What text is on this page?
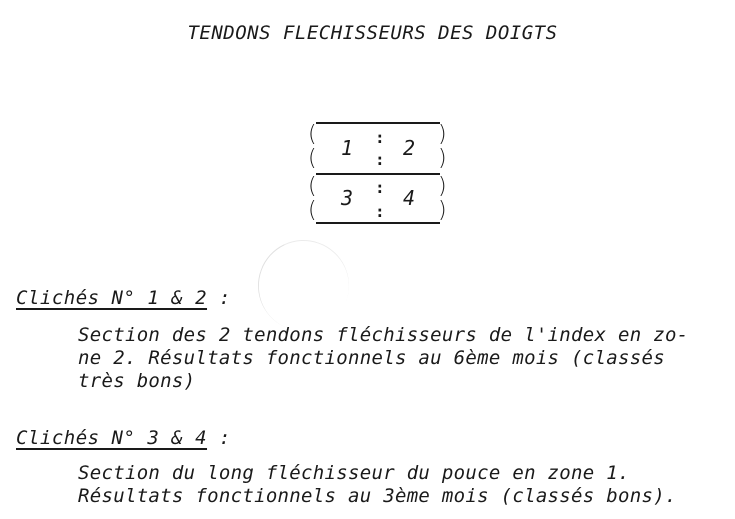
TENDONS FLECHISSEURS DES DOIGTS
(
(
(
(
)
)
)
)
1	:
: 2
3	:
:
4
Clichés N° 1 & 2 :
Section des 2 tendons fléchisseurs de l'index en zo-
ne 2. Résultats fonctionnels au 6ème mois (classés
très bons)
Clichés N° 3 & 4 :
Section du long fléchisseur du pouce en zone 1.
Résultats fonctionnels au 3ème mois (classés bons).
